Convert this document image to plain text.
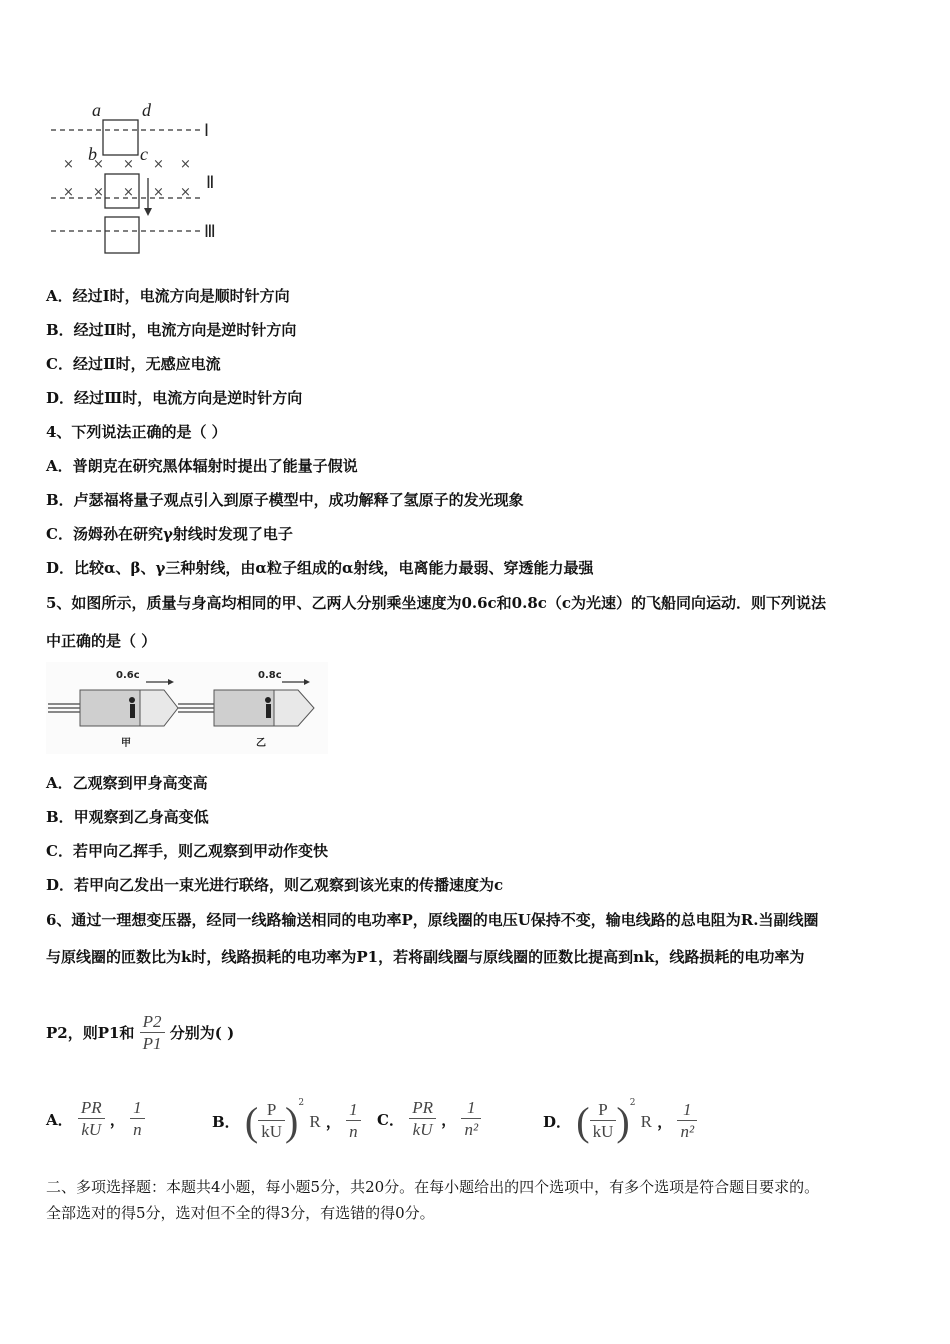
× × × × ×
× × × × ×
a d
b c
Ⅰ
Ⅱ
Ⅲ
A．经过Ⅰ时，电流方向是顺时针方向
B．经过Ⅱ时，电流方向是逆时针方向
C．经过Ⅱ时，无感应电流
D．经过Ⅲ时，电流方向是逆时针方向
4、下列说法正确的是（ ）
A．普朗克在研究黑体辐射时提出了能量子假说
B．卢瑟福将量子观点引入到原子模型中，成功解释了氢原子的发光现象
C．汤姆孙在研究γ射线时发现了电子
D．比较α、β、γ三种射线，由α粒子组成的α射线，电离能力最弱、穿透能力最强
5、如图所示，质量与身高均相同的甲、乙两人分别乘坐速度为0.6c和0.8c（c为光速）的飞船同向运动．则下列说法
中正确的是（ ）
0.6c	0.8c
甲	乙
A．乙观察到甲身高变高
B．甲观察到乙身高变低
C．若甲向乙挥手，则乙观察到甲动作变快
D．若甲向乙发出一束光进行联络，则乙观察到该光束的传播速度为c
6、通过一理想变压器，经同一线路输送相同的电功率P，原线圈的电压U保持不变，输电线路的总电阻为R.当副线圈
与原线圈的匝数比为k时，线路损耗的电功率为P1，若将副线圈与原线圈的匝数比提高到nk，线路损耗的电功率为
P2，则P1和 $\frac{P2}{P1}$ 分别为( )
A． $\frac{PR}{kU}$ ， $\frac{1}{n}$	B． ( $\frac{P}{kU} )^2$ R ， $\frac{1}{n}$ C． $\frac{PR}{kU}$ ， $\frac{1}{\text{n²}}$	D． ( $\frac{P}{kU} )^2$ R ， $\frac{1}{\text{n²}}$
二、多项选择题：本题共4小题，每小题5分，共20分。在每小题给出的四个选项中，有多个选项是符合题目要求的。
全部选对的得5分，选对但不全的得3分，有选错的得0分。
